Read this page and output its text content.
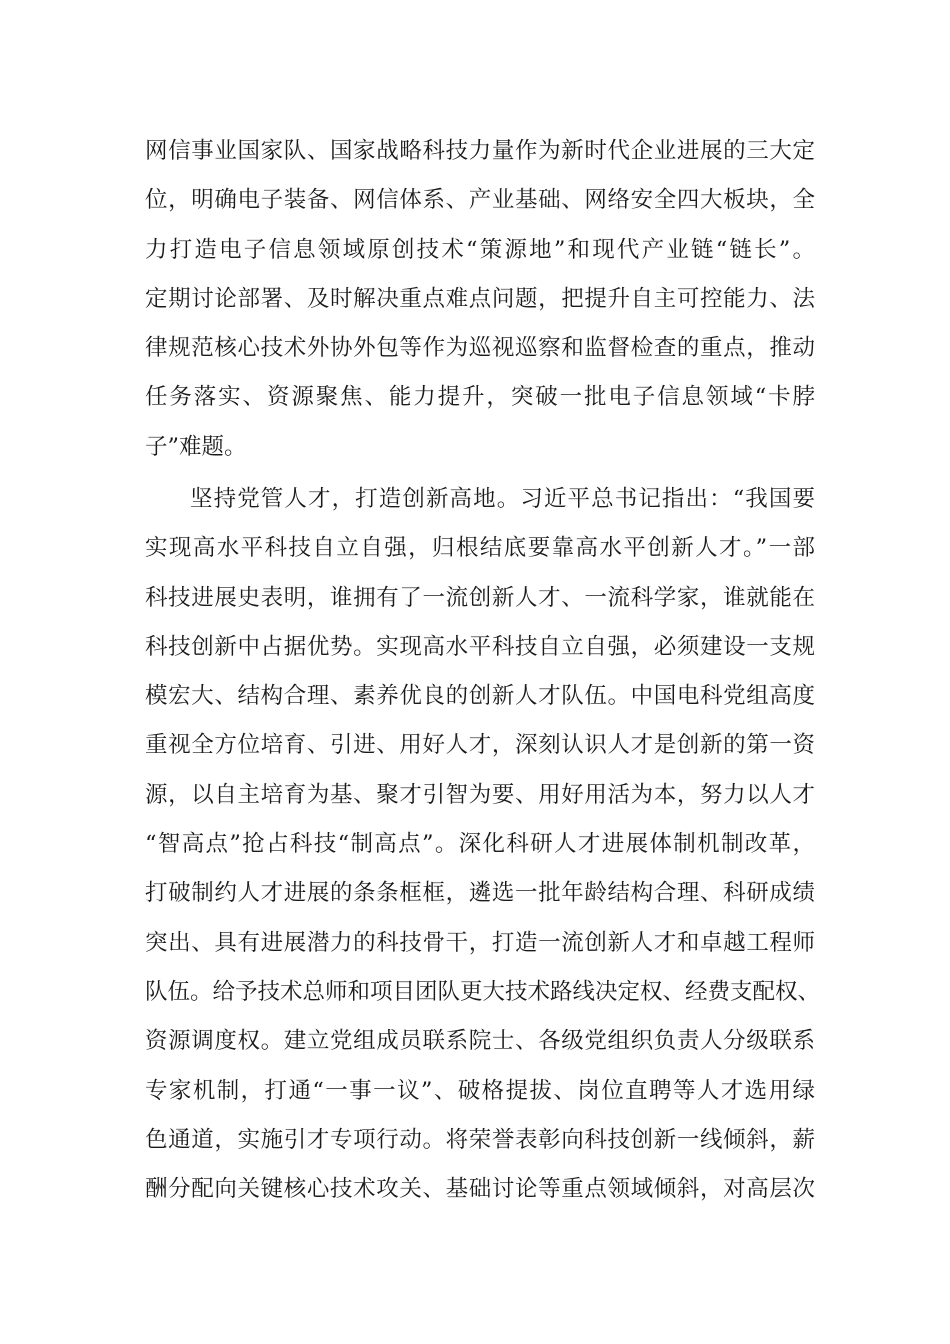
网信事业国家队、国家战略科技力量作为新时代企业进展的三大定
位，明确电子装备、网信体系、产业基础、网络安全四大板块，全
力打造电子信息领域原创技术“策源地”和现代产业链“链长”。
定期讨论部署、及时解决重点难点问题，把提升自主可控能力、法
律规范核心技术外协外包等作为巡视巡察和监督检查的重点，推动
任务落实、资源聚焦、能力提升，突破一批电子信息领域“卡脖
子”难题。
坚持党管人才，打造创新高地。习近平总书记指出：“我国要
实现高水平科技自立自强，归根结底要靠高水平创新人才。”一部
科技进展史表明，谁拥有了一流创新人才、一流科学家，谁就能在
科技创新中占据优势。实现高水平科技自立自强，必须建设一支规
模宏大、结构合理、素养优良的创新人才队伍。中国电科党组高度
重视全方位培育、引进、用好人才，深刻认识人才是创新的第一资
源，以自主培育为基、聚才引智为要、用好用活为本，努力以人才
“智高点”抢占科技“制高点”。深化科研人才进展体制机制改革，
打破制约人才进展的条条框框，遴选一批年龄结构合理、科研成绩
突出、具有进展潜力的科技骨干，打造一流创新人才和卓越工程师
队伍。给予技术总师和项目团队更大技术路线决定权、经费支配权、
资源调度权。建立党组成员联系院士、各级党组织负责人分级联系
专家机制，打通“一事一议”、破格提拔、岗位直聘等人才选用绿
色通道，实施引才专项行动。将荣誉表彰向科技创新一线倾斜，薪
酬分配向关键核心技术攻关、基础讨论等重点领域倾斜，对高层次
